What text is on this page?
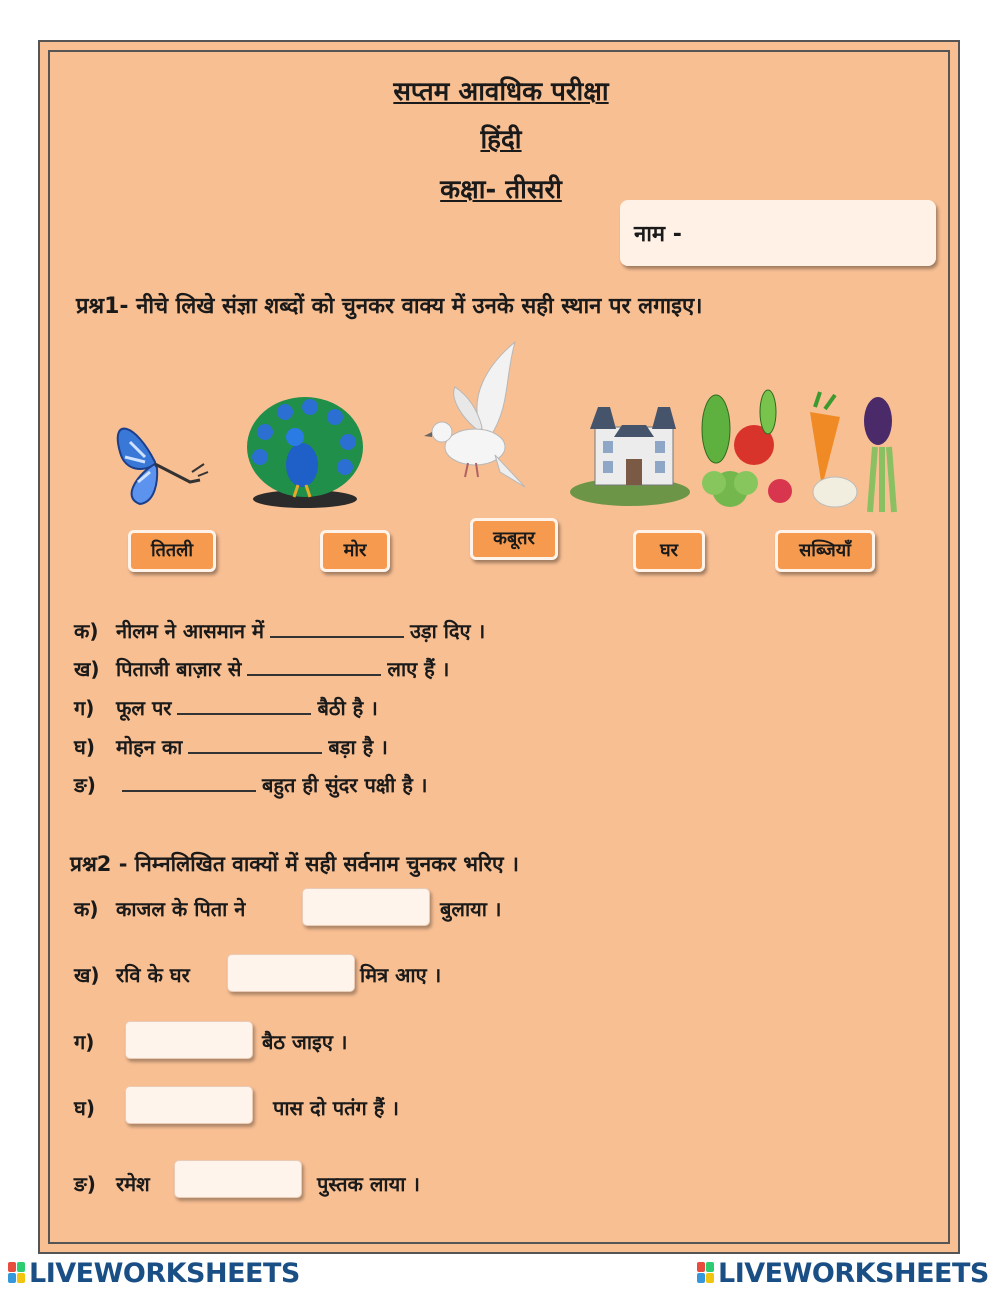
सप्तम आवधिक परीक्षा
हिंदी
कक्षा- तीसरी
नाम -
प्रश्न1- नीचे लिखे संज्ञा शब्दों को चुनकर वाक्य में उनके सही स्थान पर लगाइए।
तितली	मोर
कबूतर
घर	सब्जियाँ
क) नीलम ने आसमान में	उड़ा दिए ।
ख) पिताजी बाज़ार से	लाए हैं ।
ग) फूल पर	बैठी है ।
घ) मोहन का	बड़ा है ।
ङ)	बहुत ही सुंदर पक्षी है ।
प्रश्न2 - निम्नलिखित वाक्यों में सही सर्वनाम चुनकर भरिए ।
क) काजल के पिता ने	बुलाया ।
ख) रवि के घर	मित्र आए ।
ग)	बैठ जाइए ।
घ)	पास दो पतंग हैं ।
ङ) रमेश	पुस्तक लाया ।
LIVEWORKSHEETS	LIVEWORKSHEETS
